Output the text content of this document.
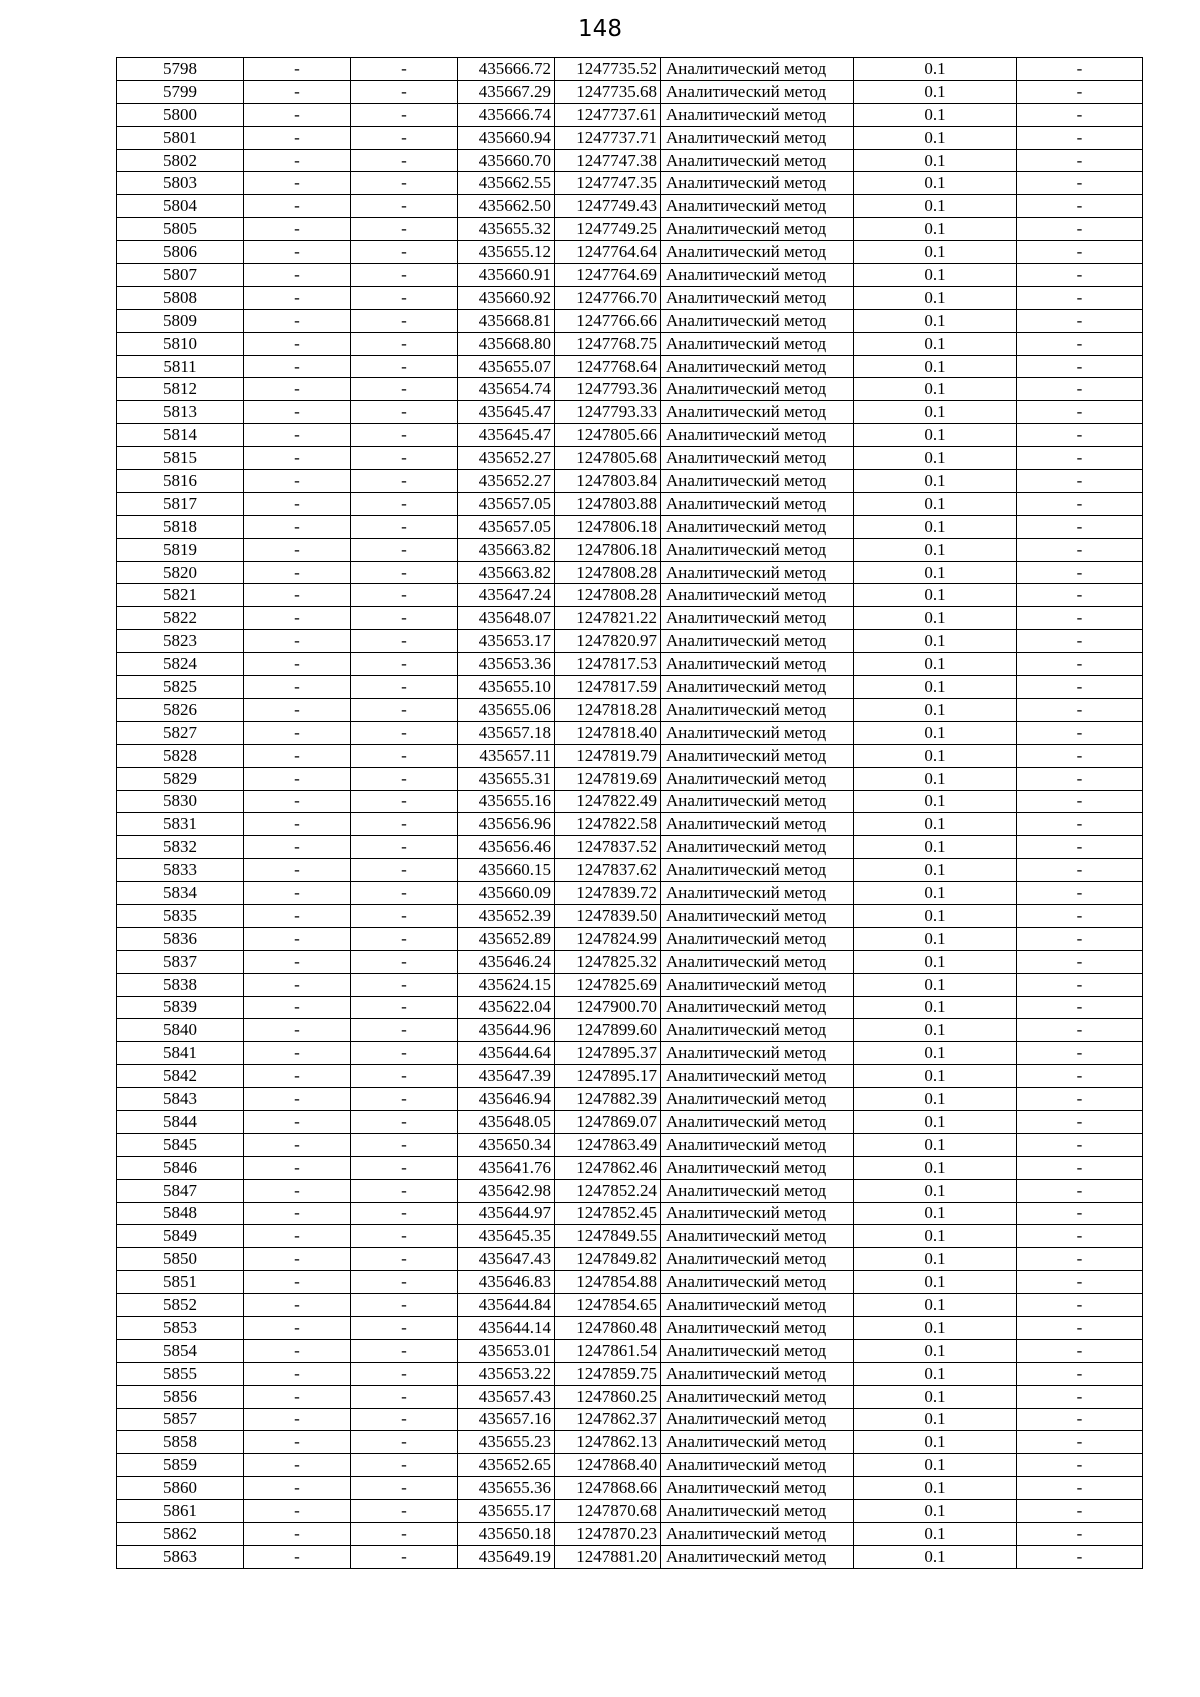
148
5798	-	-	435666.72	1247735.52	Аналитический метод	0.1	-
5799	-	-	435667.29	1247735.68	Аналитический метод	0.1	-
5800	-	-	435666.74	1247737.61	Аналитический метод	0.1	-
5801	-	-	435660.94	1247737.71	Аналитический метод	0.1	-
5802	-	-	435660.70	1247747.38	Аналитический метод	0.1	-
5803	-	-	435662.55	1247747.35	Аналитический метод	0.1	-
5804	-	-	435662.50	1247749.43	Аналитический метод	0.1	-
5805	-	-	435655.32	1247749.25	Аналитический метод	0.1	-
5806	-	-	435655.12	1247764.64	Аналитический метод	0.1	-
5807	-	-	435660.91	1247764.69	Аналитический метод	0.1	-
5808	-	-	435660.92	1247766.70	Аналитический метод	0.1	-
5809	-	-	435668.81	1247766.66	Аналитический метод	0.1	-
5810	-	-	435668.80	1247768.75	Аналитический метод	0.1	-
5811	-	-	435655.07	1247768.64	Аналитический метод	0.1	-
5812	-	-	435654.74	1247793.36	Аналитический метод	0.1	-
5813	-	-	435645.47	1247793.33	Аналитический метод	0.1	-
5814	-	-	435645.47	1247805.66	Аналитический метод	0.1	-
5815	-	-	435652.27	1247805.68	Аналитический метод	0.1	-
5816	-	-	435652.27	1247803.84	Аналитический метод	0.1	-
5817	-	-	435657.05	1247803.88	Аналитический метод	0.1	-
5818	-	-	435657.05	1247806.18	Аналитический метод	0.1	-
5819	-	-	435663.82	1247806.18	Аналитический метод	0.1	-
5820	-	-	435663.82	1247808.28	Аналитический метод	0.1	-
5821	-	-	435647.24	1247808.28	Аналитический метод	0.1	-
5822	-	-	435648.07	1247821.22	Аналитический метод	0.1	-
5823	-	-	435653.17	1247820.97	Аналитический метод	0.1	-
5824	-	-	435653.36	1247817.53	Аналитический метод	0.1	-
5825	-	-	435655.10	1247817.59	Аналитический метод	0.1	-
5826	-	-	435655.06	1247818.28	Аналитический метод	0.1	-
5827	-	-	435657.18	1247818.40	Аналитический метод	0.1	-
5828	-	-	435657.11	1247819.79	Аналитический метод	0.1	-
5829	-	-	435655.31	1247819.69	Аналитический метод	0.1	-
5830	-	-	435655.16	1247822.49	Аналитический метод	0.1	-
5831	-	-	435656.96	1247822.58	Аналитический метод	0.1	-
5832	-	-	435656.46	1247837.52	Аналитический метод	0.1	-
5833	-	-	435660.15	1247837.62	Аналитический метод	0.1	-
5834	-	-	435660.09	1247839.72	Аналитический метод	0.1	-
5835	-	-	435652.39	1247839.50	Аналитический метод	0.1	-
5836	-	-	435652.89	1247824.99	Аналитический метод	0.1	-
5837	-	-	435646.24	1247825.32	Аналитический метод	0.1	-
5838	-	-	435624.15	1247825.69	Аналитический метод	0.1	-
5839	-	-	435622.04	1247900.70	Аналитический метод	0.1	-
5840	-	-	435644.96	1247899.60	Аналитический метод	0.1	-
5841	-	-	435644.64	1247895.37	Аналитический метод	0.1	-
5842	-	-	435647.39	1247895.17	Аналитический метод	0.1	-
5843	-	-	435646.94	1247882.39	Аналитический метод	0.1	-
5844	-	-	435648.05	1247869.07	Аналитический метод	0.1	-
5845	-	-	435650.34	1247863.49	Аналитический метод	0.1	-
5846	-	-	435641.76	1247862.46	Аналитический метод	0.1	-
5847	-	-	435642.98	1247852.24	Аналитический метод	0.1	-
5848	-	-	435644.97	1247852.45	Аналитический метод	0.1	-
5849	-	-	435645.35	1247849.55	Аналитический метод	0.1	-
5850	-	-	435647.43	1247849.82	Аналитический метод	0.1	-
5851	-	-	435646.83	1247854.88	Аналитический метод	0.1	-
5852	-	-	435644.84	1247854.65	Аналитический метод	0.1	-
5853	-	-	435644.14	1247860.48	Аналитический метод	0.1	-
5854	-	-	435653.01	1247861.54	Аналитический метод	0.1	-
5855	-	-	435653.22	1247859.75	Аналитический метод	0.1	-
5856	-	-	435657.43	1247860.25	Аналитический метод	0.1	-
5857	-	-	435657.16	1247862.37	Аналитический метод	0.1	-
5858	-	-	435655.23	1247862.13	Аналитический метод	0.1	-
5859	-	-	435652.65	1247868.40	Аналитический метод	0.1	-
5860	-	-	435655.36	1247868.66	Аналитический метод	0.1	-
5861	-	-	435655.17	1247870.68	Аналитический метод	0.1	-
5862	-	-	435650.18	1247870.23	Аналитический метод	0.1	-
5863	-	-	435649.19	1247881.20	Аналитический метод	0.1	-
